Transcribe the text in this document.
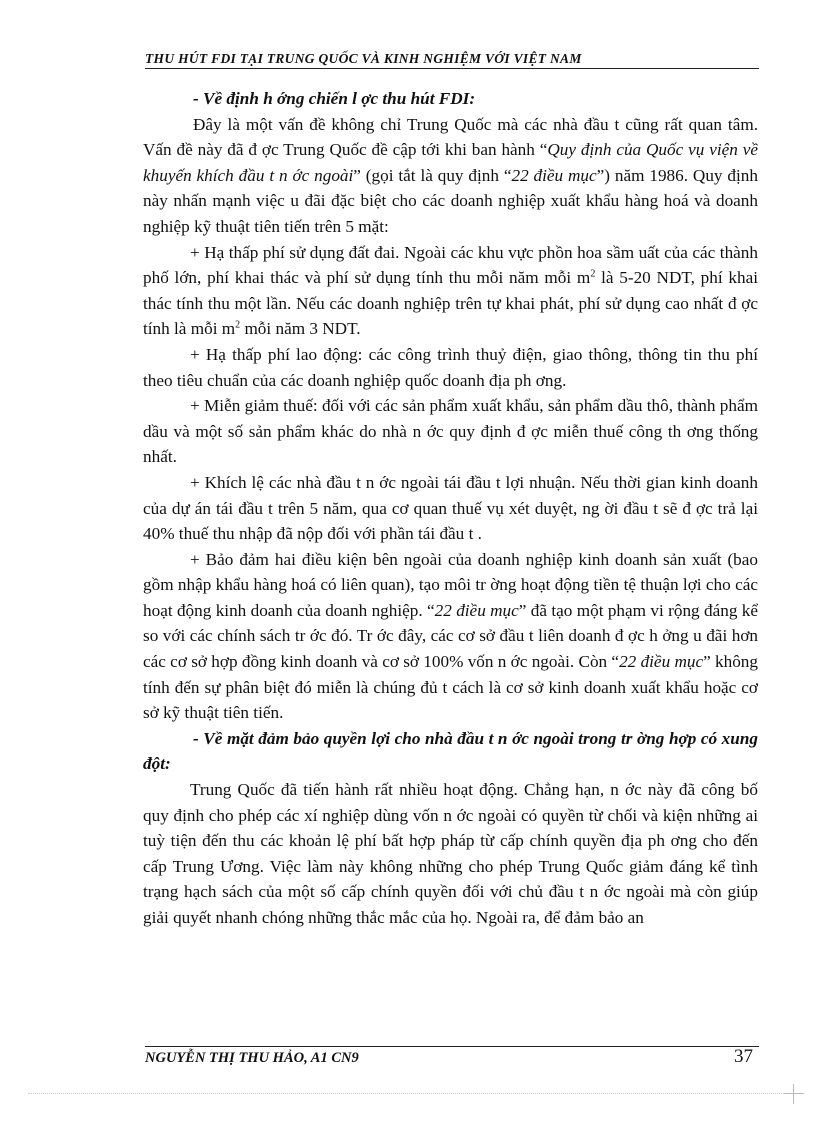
THU HÚT FDI TẠI TRUNG QUỐC VÀ KINH NGHIỆM VỚI VIỆT NAM

- Về định h ớng chiến l ợc thu hút FDI:

Đây là một vấn đề không chỉ Trung Quốc mà các nhà đầu t cũng rất quan tâm. Vấn đề này đã đ ợc Trung Quốc đề cập tới khi ban hành “Quy định của Quốc vụ viện về khuyến khích đầu t n ớc ngoài” (gọi tắt là quy định “22 điều mục”) năm 1986. Quy định này nhấn mạnh việc u đãi đặc biệt cho các doanh nghiệp xuất khẩu hàng hoá và doanh nghiệp kỹ thuật tiên tiến trên 5 mặt:

+ Hạ thấp phí sử dụng đất đai. Ngoài các khu vực phồn hoa sầm uất của các thành phố lớn, phí khai thác và phí sử dụng tính thu mỗi năm mỗi $m^2$ là 5-20 NDT, phí khai thác tính thu một lần. Nếu các doanh nghiệp trên tự khai phát, phí sử dụng cao nhất đ ợc tính là mỗi $m^2$ mỗi năm 3 NDT.

+ Hạ thấp phí lao động: các công trình thuỷ điện, giao thông, thông tin thu phí theo tiêu chuẩn của các doanh nghiệp quốc doanh địa ph ơng.

+ Miễn giảm thuế: đối với các sản phẩm xuất khẩu, sản phẩm dầu thô, thành phẩm dầu và một số sản phẩm khác do nhà n ớc quy định đ ợc miễn thuế công th ơng thống nhất.

+ Khích lệ các nhà đầu t n ớc ngoài tái đầu t lợi nhuận. Nếu thời gian kinh doanh của dự án tái đầu t trên 5 năm, qua cơ quan thuế vụ xét duyệt, ng ời đầu t sẽ đ ợc trả lại 40% thuế thu nhập đã nộp đối với phần tái đầu t .

+ Bảo đảm hai điều kiện bên ngoài của doanh nghiệp kinh doanh sản xuất (bao gồm nhập khẩu hàng hoá có liên quan), tạo môi tr ờng hoạt động tiền tệ thuận lợi cho các hoạt động kinh doanh của doanh nghiệp. “22 điều mục” đã tạo một phạm vi rộng đáng kể so với các chính sách tr ớc đó. Tr ớc đây, các cơ sở đầu t liên doanh đ ợc h ởng u đãi hơn các cơ sở hợp đồng kinh doanh và cơ sở 100% vốn n ớc ngoài. Còn “22 điều mục” không tính đến sự phân biệt đó miễn là chúng đủ t cách là cơ sở kinh doanh xuất khẩu hoặc cơ sở kỹ thuật tiên tiến.

- Về mặt đảm bảo quyền lợi cho nhà đầu t n ớc ngoài trong tr ờng hợp có xung đột:

Trung Quốc đã tiến hành rất nhiều hoạt động. Chẳng hạn, n ớc này đã công bố quy định cho phép các xí nghiệp dùng vốn n ớc ngoài có quyền từ chối và kiện những ai tuỳ tiện đến thu các khoản lệ phí bất hợp pháp từ cấp chính quyền địa ph ơng cho đến cấp Trung Ương. Việc làm này không những cho phép Trung Quốc giảm đáng kể tình trạng hạch sách của một số cấp chính quyền đối với chủ đầu t n ớc ngoài mà còn giúp giải quyết nhanh chóng những thắc mắc của họ. Ngoài ra, để đảm bảo an

NGUYỄN THỊ THU HẢO, A1 CN9	37
